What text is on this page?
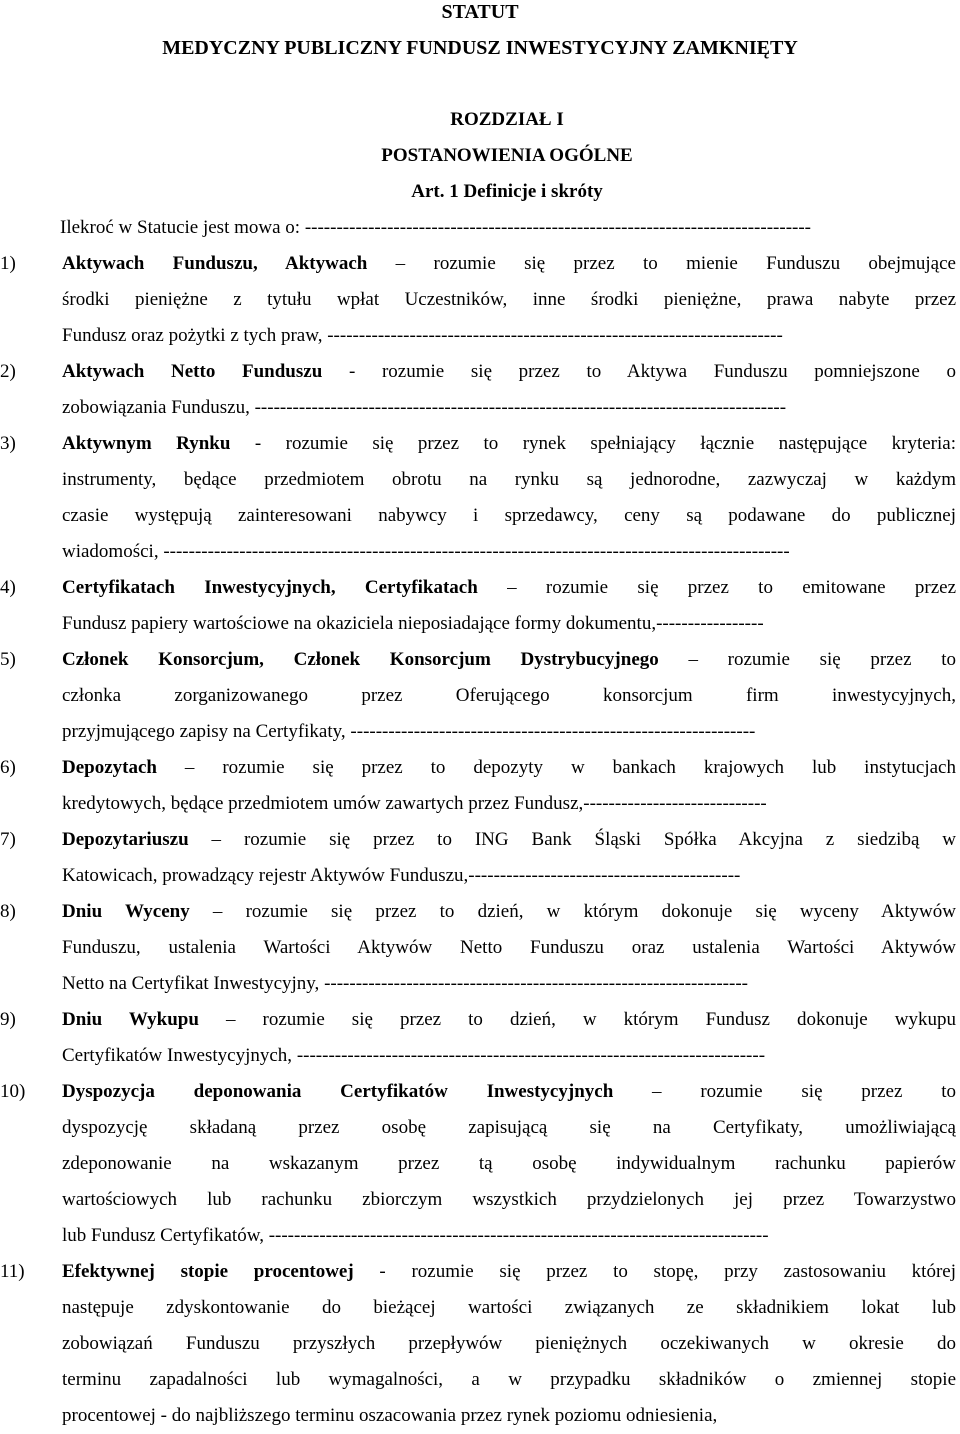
STATUT
MEDYCZNY PUBLICZNY FUNDUSZ INWESTYCYJNY ZAMKNIĘTY
ROZDZIAŁ I
POSTANOWIENIA OGÓLNE
Art. 1 Definicje i skróty
Ilekroć w Statucie jest mowa o: --------------------------------------------------------------------------------
1)	Aktywach Funduszu, Aktywach – rozumie się przez to mienie Funduszu obejmujące
środki pieniężne z tytułu wpłat Uczestników, inne środki pieniężne, prawa nabyte przez
Fundusz oraz pożytki z tych praw, ------------------------------------------------------------------------
2)	Aktywach Netto Funduszu - rozumie się przez to Aktywa Funduszu pomniejszone o
zobowiązania Funduszu, ------------------------------------------------------------------------------------
3)	Aktywnym Rynku - rozumie się przez to rynek spełniający łącznie następujące kryteria:
instrumenty, będące przedmiotem obrotu na rynku są jednorodne, zazwyczaj w każdym
czasie występują zainteresowani nabywcy i sprzedawcy, ceny są podawane do publicznej
wiadomości, ---------------------------------------------------------------------------------------------------
4)	Certyfikatach Inwestycyjnych, Certyfikatach – rozumie się przez to emitowane przez
Fundusz papiery wartościowe na okaziciela nieposiadające formy dokumentu,-----------------
5)	Członek Konsorcjum, Członek Konsorcjum Dystrybucyjnego – rozumie się przez to
członka zorganizowanego przez Oferującego konsorcjum firm inwestycyjnych,
przyjmującego zapisy na Certyfikaty, ----------------------------------------------------------------
6)	Depozytach – rozumie się przez to depozyty w bankach krajowych lub instytucjach
kredytowych, będące przedmiotem umów zawartych przez Fundusz,-----------------------------
7)	Depozytariuszu – rozumie się przez to ING Bank Śląski Spółka Akcyjna z siedzibą w
Katowicach, prowadzący rejestr Aktywów Funduszu,-------------------------------------------
8)	Dniu Wyceny – rozumie się przez to dzień, w którym dokonuje się wyceny Aktywów
Funduszu, ustalenia Wartości Aktywów Netto Funduszu oraz ustalenia Wartości Aktywów
Netto na Certyfikat Inwestycyjny, -------------------------------------------------------------------
9)	Dniu Wykupu – rozumie się przez to dzień, w którym Fundusz dokonuje wykupu
Certyfikatów Inwestycyjnych, --------------------------------------------------------------------------
10)	Dyspozycja deponowania Certyfikatów Inwestycyjnych – rozumie się przez to
dyspozycję składaną przez osobę zapisującą się na Certyfikaty, umożliwiającą
zdeponowanie na wskazanym przez tą osobę indywidualnym rachunku papierów
wartościowych lub rachunku zbiorczym wszystkich przydzielonych jej przez Towarzystwo
lub Fundusz Certyfikatów, -------------------------------------------------------------------------------
11)	Efektywnej stopie procentowej - rozumie się przez to stopę, przy zastosowaniu której
następuje zdyskontowanie do bieżącej wartości związanych ze składnikiem lokat lub
zobowiązań Funduszu przyszłych przepływów pieniężnych oczekiwanych w okresie do
terminu zapadalności lub wymagalności, a w przypadku składników o zmiennej stopie
procentowej - do najbliższego terminu oszacowania przez rynek poziomu odniesienia,
